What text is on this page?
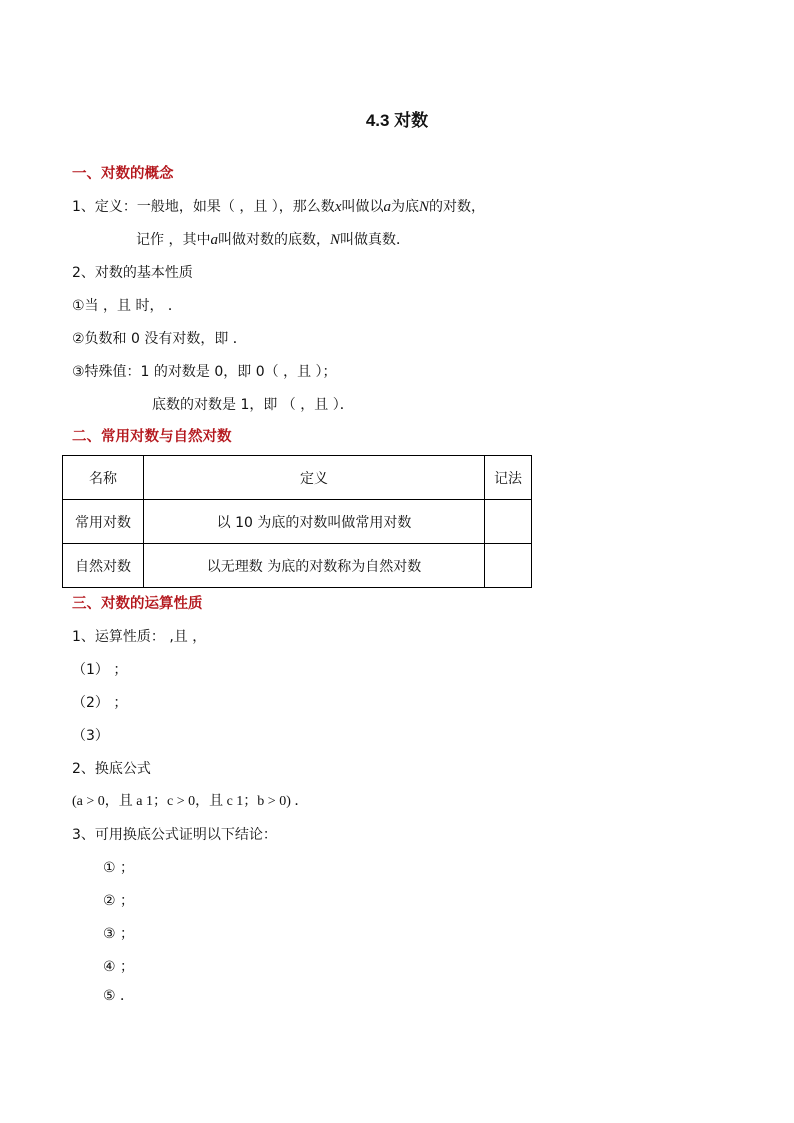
4.3 对数
一、对数的概念
1、定义：一般地，如果（ ，且 ），那么数x叫做以a为底N的对数，
记作 ，其中a叫做对数的底数，N叫做真数．
2、对数的基本性质
①当 ，且 时， ．
②负数和 0 没有对数，即 ．
③特殊值：1 的对数是 0，即 0（ ，且 ）；
底数的对数是 1，即 （ ，且 ）．
二、常用对数与自然对数
名称	定义	记法
常用对数	以 10 为底的对数叫做常用对数	
自然对数	以无理数 为底的对数称为自然对数	
三、对数的运算性质
1、运算性质： ,且 ，
（1） ；
（2） ；
（3）
2、换底公式
(a > 0，且 a 1；c > 0，且 c 1；b > 0) ．
3、可用换底公式证明以下结论：
① ；
② ；
③ ；
④ ；
⑤ ．
